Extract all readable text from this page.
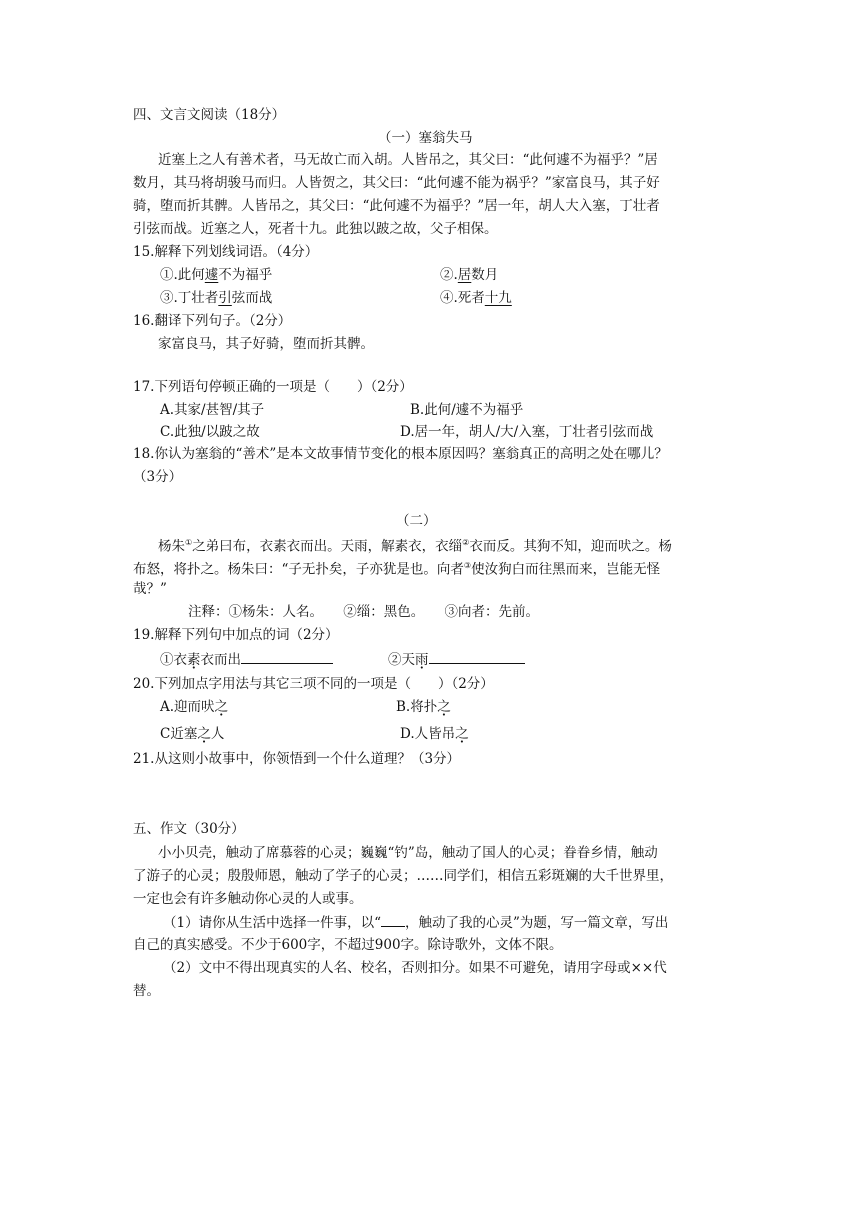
四、文言文阅读（18分）
（一）塞翁失马
近塞上之人有善术者，马无故亡而入胡。人皆吊之，其父曰：“此何遽不为福乎？”居
数月，其马将胡骏马而归。人皆贺之，其父曰：“此何遽不能为祸乎？”家富良马，其子好
骑，堕而折其髀。人皆吊之，其父曰：“此何遽不为福乎？”居一年，胡人大入塞，丁壮者
引弦而战。近塞之人，死者十九。此独以跛之故，父子相保。
15.解释下列划线词语。（4分）
①.此何遽不为福乎	②.居数月
③.丁壮者引弦而战	④.死者十九
16.翻译下列句子。（2分）
家富良马，其子好骑，堕而折其髀。
17.下列语句停顿正确的一项是（　　）（2分）
A.其家/甚智/其子	B.此何/遽不为福乎
C.此独/以跛之故	D.居一年，胡人/大/入塞，丁壮者引弦而战
18.你认为塞翁的“善术”是本文故事情节变化的根本原因吗？塞翁真正的高明之处在哪儿？
（3分）
（二）
杨朱①之弟曰布，衣素衣而出。天雨，解素衣，衣缁②衣而反。其狗不知，迎而吠之。杨
布怒，将扑之。杨朱曰：“子无扑矣，子亦犹是也。向者③使汝狗白而往黑而来，岂能无怪
哉？”
注释：①杨朱：人名。　　②缁：黑色。　　③向者：先前。
19.解释下列句中加点的词（2分）
①衣素衣而出	②天雨
20.下列加点字用法与其它三项不同的一项是（　　）（2分）
A.迎而吠之	B.将扑之
C近塞之人	D.人皆吊之
21.从这则小故事中，你领悟到一个什么道理？（3分）
五、作文（30分）
小小贝壳，触动了席慕蓉的心灵；巍巍“钓”岛，触动了国人的心灵；眷眷乡情，触动
了游子的心灵；殷殷师恩，触动了学子的心灵；……同学们，相信五彩斑斓的大千世界里，
一定也会有许多触动你心灵的人或事。
（1）请你从生活中选择一件事，以“ ，触动了我的心灵”为题，写一篇文章，写出
自己的真实感受。不少于600字，不超过900字。除诗歌外，文体不限。
（2）文中不得出现真实的人名、校名，否则扣分。如果不可避免，请用字母或××代
替。
